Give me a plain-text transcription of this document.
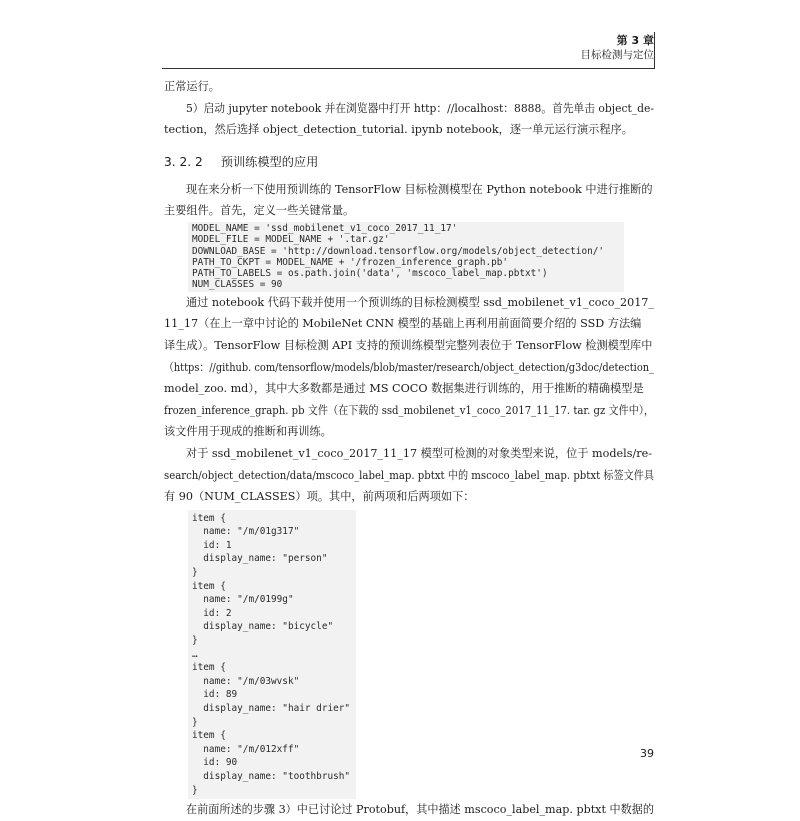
第 3 章
目标检测与定位
正常运行。
5）启动 jupyter notebook 并在浏览器中打开 http：//localhost：8888。首先单击 object_de-
tection，然后选择 object_detection_tutorial. ipynb notebook，逐一单元运行演示程序。
3. 2. 2 预训练模型的应用
现在来分析一下使用预训练的 TensorFlow 目标检测模型在 Python notebook 中进行推断的
主要组件。首先，定义一些关键常量。
MODEL_NAME = 'ssd_mobilenet_v1_coco_2017_11_17'
MODEL_FILE = MODEL_NAME + '.tar.gz'
DOWNLOAD_BASE = 'http://download.tensorflow.org/models/object_detection/'
PATH_TO_CKPT = MODEL_NAME + '/frozen_inference_graph.pb'
PATH_TO_LABELS = os.path.join('data', 'mscoco_label_map.pbtxt')
NUM_CLASSES = 90
通过 notebook 代码下载并使用一个预训练的目标检测模型 ssd_mobilenet_v1_coco_2017_
11_17（在上一章中讨论的 MobileNet CNN 模型的基础上再利用前面简要介绍的 SSD 方法编
译生成）。TensorFlow 目标检测 API 支持的预训练模型完整列表位于 TensorFlow 检测模型库中
（https：//github. com/tensorflow/models/blob/master/research/object_detection/g3doc/detection_
model_zoo. md），其中大多数都是通过 MS COCO 数据集进行训练的，用于推断的精确模型是
frozen_inference_graph. pb 文件（在下载的 ssd_mobilenet_v1_coco_2017_11_17. tar. gz 文件中），
该文件用于现成的推断和再训练。
对于 ssd_mobilenet_v1_coco_2017_11_17 模型可检测的对象类型来说，位于 models/re-
search/object_detection/data/mscoco_label_map. pbtxt 中的 mscoco_label_map. pbtxt 标签文件具
有 90（NUM_CLASSES）项。其中，前两项和后两项如下：
item {
name: "/m/01g317"
id: 1
display_name: "person"
}
item {
name: "/m/0199g"
id: 2
display_name: "bicycle"
}
…
item {
name: "/m/03wvsk"
id: 89
display_name: "hair drier"
}
item {
name: "/m/012xff"
id: 90
display_name: "toothbrush"
}
在前面所述的步骤 3）中已讨论过 Protobuf，其中描述 mscoco_label_map. pbtxt 中数据的
39
